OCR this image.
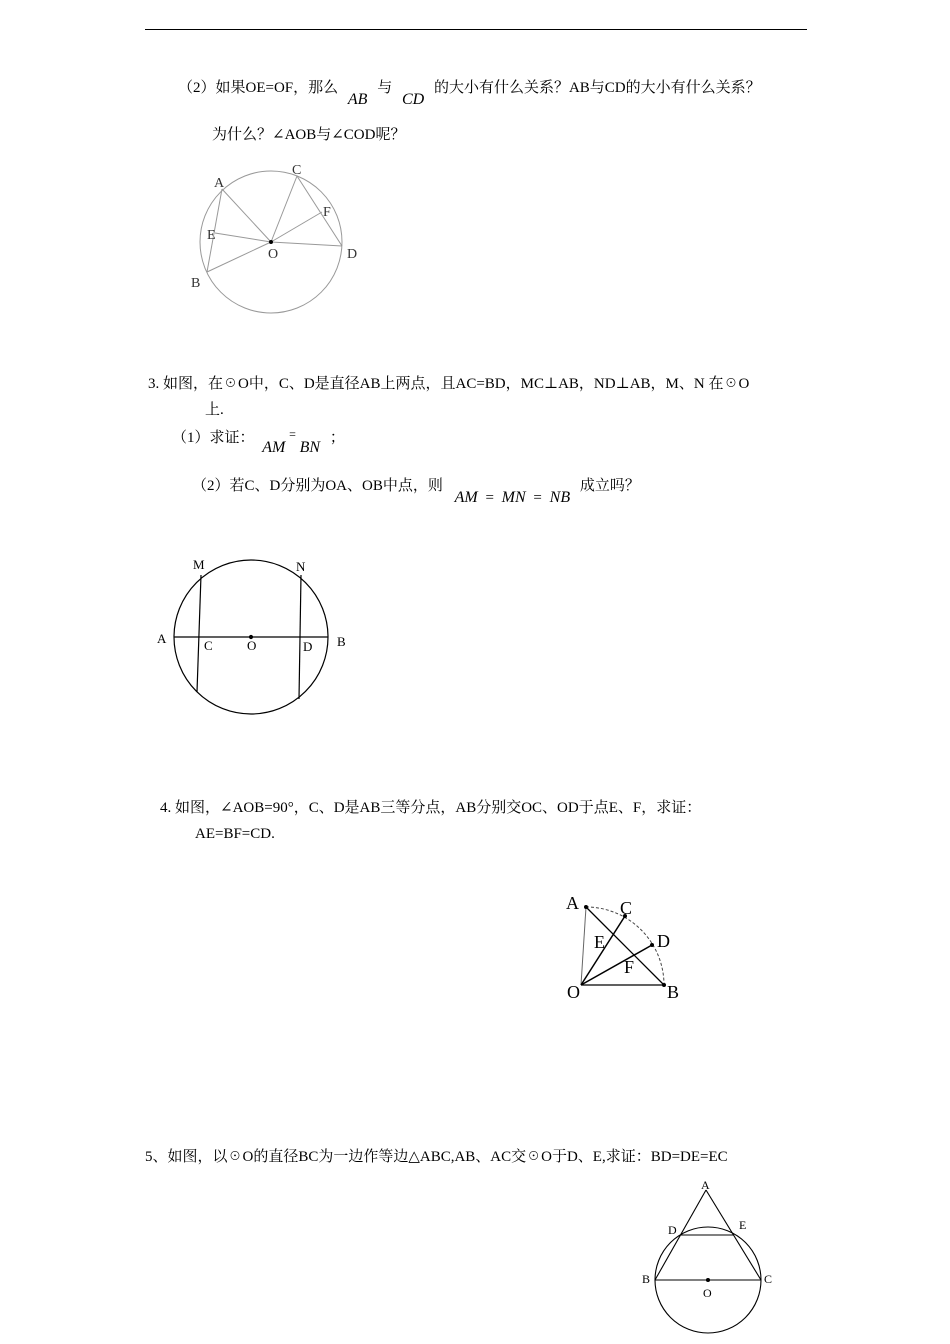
（2）如果OE=OF，那么 AB 与 CD 的大小有什么关系？AB与CD的大小有什么关系？
为什么？∠AOB与∠COD呢？
3. 如图，在☉O中，C、D是直径AB上两点，且AC=BD，MC⊥AB，ND⊥AB，M、N 在☉O
上.
（1）求证： AM = BN ；
（2）若C、D分别为OA、OB中点，则 AM = MN = NB 成立吗？
4. 如图，∠AOB=90°，C、D是AB三等分点，AB分别交OC、OD于点E、F，求证：
AE=BF=CD.
5、如图，以☉O的直径BC为一边作等边△ABC,AB、AC交☉O于D、E,求证：BD=DE=EC
A
C
F
E
O	D
B
M	N
A	C	O	D B
A C
E	D
F
O	B
A
D	E
B	C
O
